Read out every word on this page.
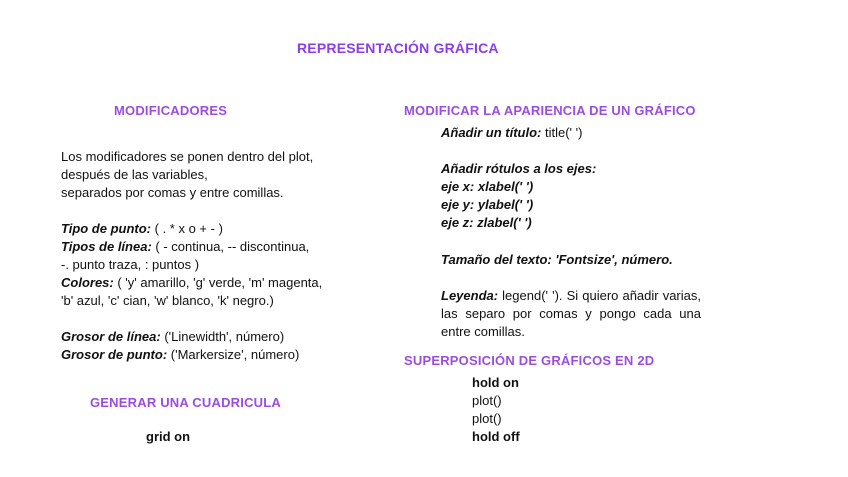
REPRESENTACIÓN GRÁFICA
MODIFICADORES
Los modificadores se ponen dentro del plot,
después de las variables,
separados por comas y entre comillas.
Tipo de punto: ( . * x o + - )
Tipos de línea: ( - continua, -- discontinua,
-. punto traza, : puntos )
Colores: ( 'y' amarillo, 'g' verde, 'm' magenta,
'b' azul, 'c' cian, 'w' blanco, 'k' negro.)
Grosor de línea: ('Linewidth', número)
Grosor de punto: ('Markersize', número)
GENERAR UNA CUADRICULA
grid on
MODIFICAR LA APARIENCIA DE UN GRÁFICO
Añadir un título: title(' ')
Añadir rótulos a los ejes:
eje x: xlabel(' ')
eje y: ylabel(' ')
eje z: zlabel(' ')
Tamaño del texto: 'Fontsize', número.
Leyenda: legend(' '). Si quiero añadir varias, las separo por comas y pongo cada una entre comillas.
SUPERPOSICIÓN DE GRÁFICOS EN 2D
hold on
plot()
plot()
hold off
